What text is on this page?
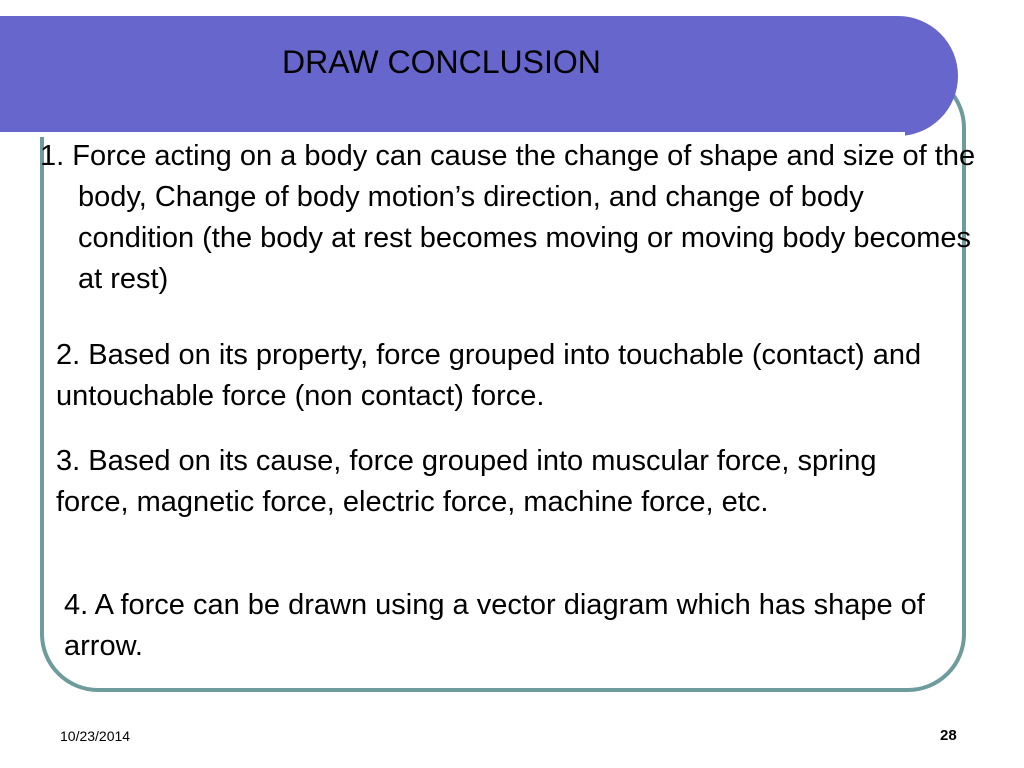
DRAW CONCLUSION

1. Force acting on a body can cause the change of shape and size of the body, Change of body motion’s direction, and change of body condition (the body at rest becomes moving or moving body becomes at rest)

2. Based on its property, force grouped into touchable (contact) and untouchable force (non contact) force.

3. Based on its cause, force grouped into muscular force, spring force, magnetic force, electric force, machine force, etc.

4. A force can be drawn using a vector diagram which has shape of arrow.

10/23/2014	28
